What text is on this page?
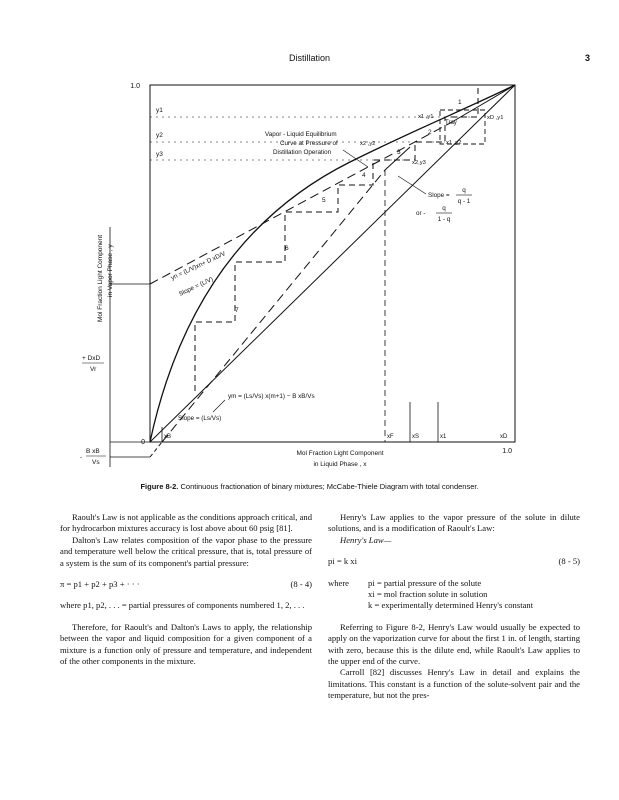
Distillation	3
1.0
1.0
0
Mol Fraction Light Component in Vapor Phase , y
Mol Fraction Light Component
in Liquid Phase , x
y1
y2
y3
xB	xF	xS	x1	xD
Vapor - Liquid Equilibrium
Curve at Pressure of
Distillation Operation
x1 ,y1	xD ,y1
Tray
x2 ,y2	x1 ,y2
x2,y3
Slope =
q
q - 1
or -
q
1 - q
yn = (L/V)xn+ D xD/V
Slope = (L/V)
ym = (Ls/Vs) x(m+1) − B xB/Vs
Slope = (Ls/Vs)
+ DxD
Vr
-
B xB
Vs
1
2
3
4
5
6
7
Figure 8-2. Continuous fractionation of binary mixtures; McCabe-Thiele Diagram with total condenser.

Raoult's Law is not applicable as the conditions approach critical, and for hydrocarbon mixtures accuracy is lost above about 60 psig [81].

Dalton's Law relates composition of the vapor phase to the pressure and temperature well below the critical pressure, that is, total pressure of a system is the sum of its component's partial pressure:

π = p1 + p2 + p3 + · · ·	(8 - 4)

where p1, p2, . . . = partial pressures of components numbered 1, 2, . . .

Therefore, for Raoult's and Dalton's Laws to apply, the relationship between the vapor and liquid composition for a given component of a mixture is a function only of pressure and temperature, and independent of the other components in the mixture.

Henry's Law applies to the vapor pressure of the solute in dilute solutions, and is a modification of Raoult's Law:

Henry's Law—

pi = k xi	(8 - 5)
where	pi = partial pressure of the solute
xi = mol fraction solute in solution
k = experimentally determined Henry's constant

Referring to Figure 8-2, Henry's Law would usually be expected to apply on the vaporization curve for about the first 1 in. of length, starting with zero, because this is the dilute end, while Raoult's Law applies to the upper end of the curve.

Carroll [82] discusses Henry's Law in detail and explains the limitations. This constant is a function of the solute-solvent pair and the temperature, but not the pres-
